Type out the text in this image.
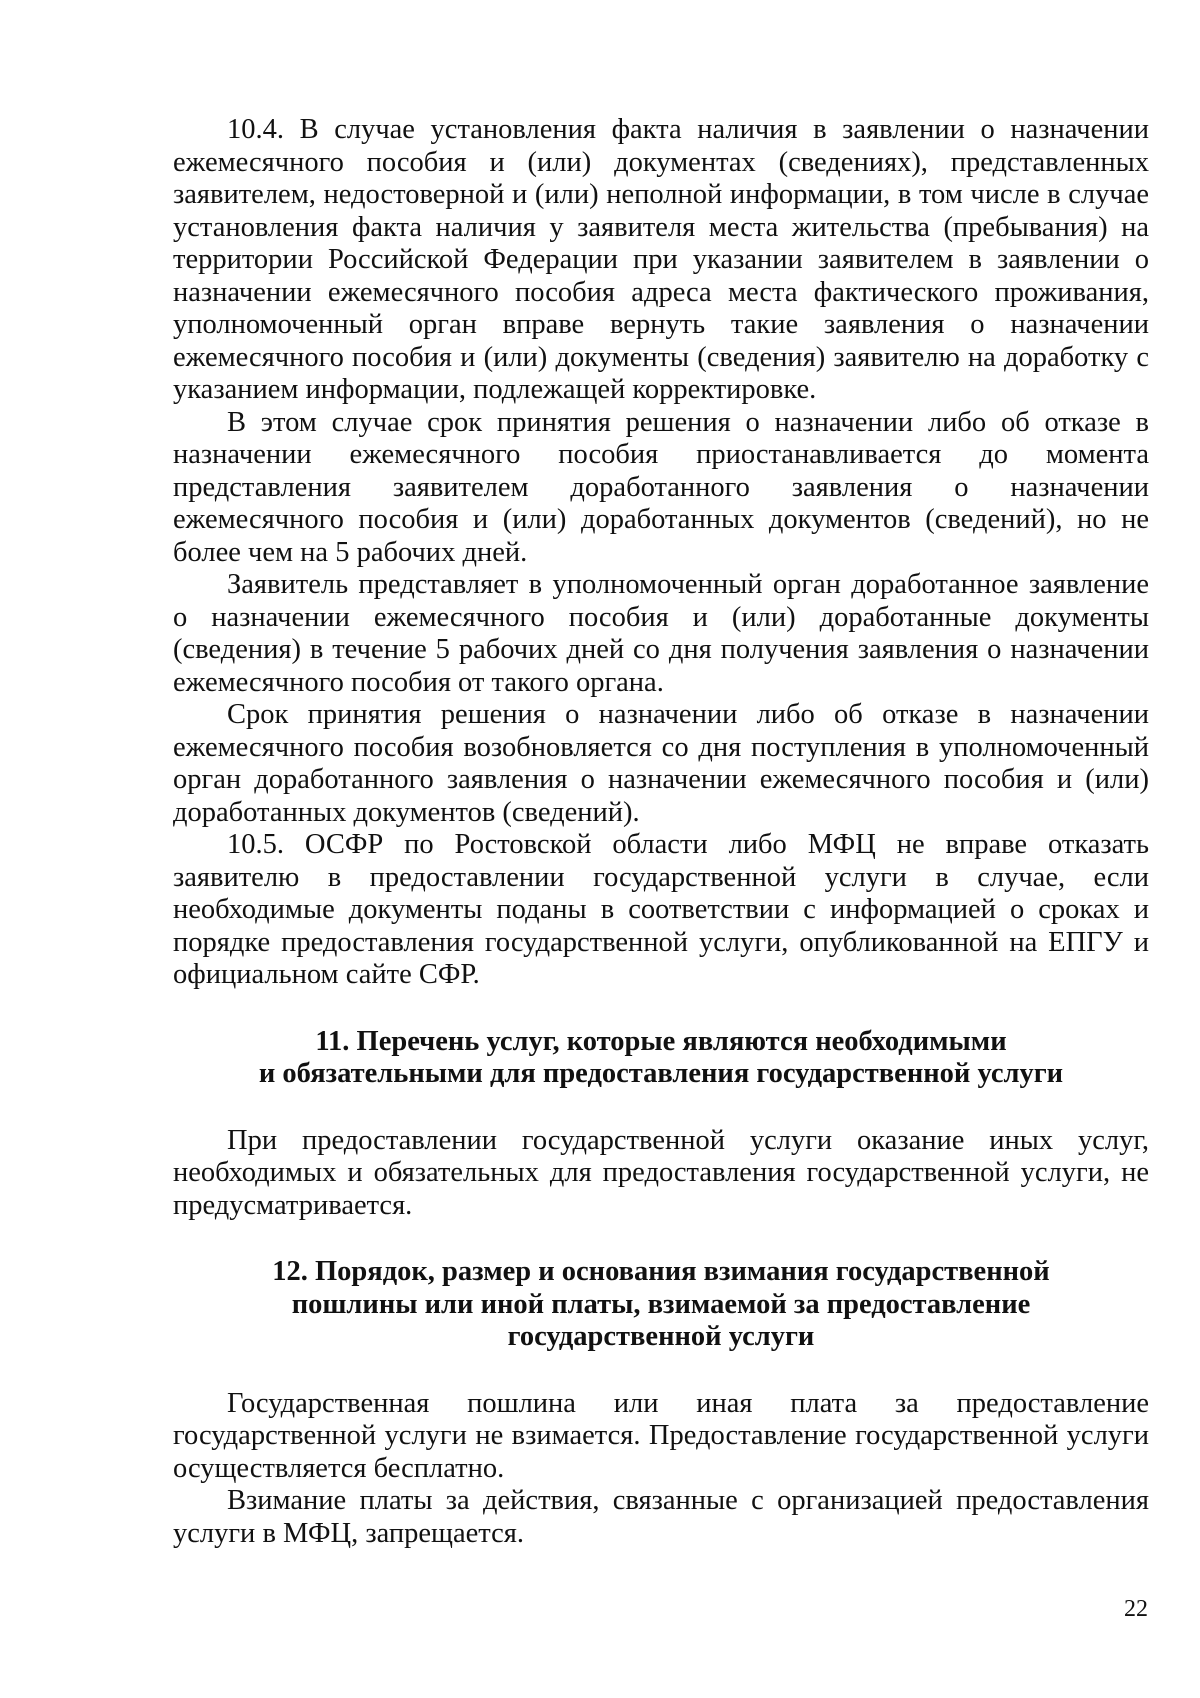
10.4. В случае установления факта наличия в заявлении о назначении ежемесячного пособия и (или) документах (сведениях), представленных заявителем, недостоверной и (или) неполной информации, в том числе в случае установления факта наличия у заявителя места жительства (пребывания) на территории Российской Федерации при указании заявителем в заявлении о назначении ежемесячного пособия адреса места фактического проживания, уполномоченный орган вправе вернуть такие заявления о назначении ежемесячного пособия и (или) документы (сведения) заявителю на доработку с указанием информации, подлежащей корректировке.

В этом случае срок принятия решения о назначении либо об отказе в назначении ежемесячного пособия приостанавливается до момента представления заявителем доработанного заявления о назначении ежемесячного пособия и (или) доработанных документов (сведений), но не более чем на 5 рабочих дней.

Заявитель представляет в уполномоченный орган доработанное заявление о назначении ежемесячного пособия и (или) доработанные документы (сведения) в течение 5 рабочих дней со дня получения заявления о назначении ежемесячного пособия от такого органа.

Срок принятия решения о назначении либо об отказе в назначении ежемесячного пособия возобновляется со дня поступления в уполномоченный орган доработанного заявления о назначении ежемесячного пособия и (или) доработанных документов (сведений).

10.5. ОСФР по Ростовской области либо МФЦ не вправе отказать заявителю в предоставлении государственной услуги в случае, если необходимые документы поданы в соответствии с информацией о сроках и порядке предоставления государственной услуги, опубликованной на ЕПГУ и официальном сайте СФР.

11. Перечень услуг, которые являются необходимыми
и обязательными для предоставления государственной услуги

При предоставлении государственной услуги оказание иных услуг, необходимых и обязательных для предоставления государственной услуги, не предусматривается.

12. Порядок, размер и основания взимания государственной
пошлины или иной платы, взимаемой за предоставление
государственной услуги

Государственная пошлина или иная плата за предоставление государственной услуги не взимается. Предоставление государственной услуги осуществляется бесплатно.

Взимание платы за действия, связанные с организацией предоставления услуги в МФЦ, запрещается.

22
